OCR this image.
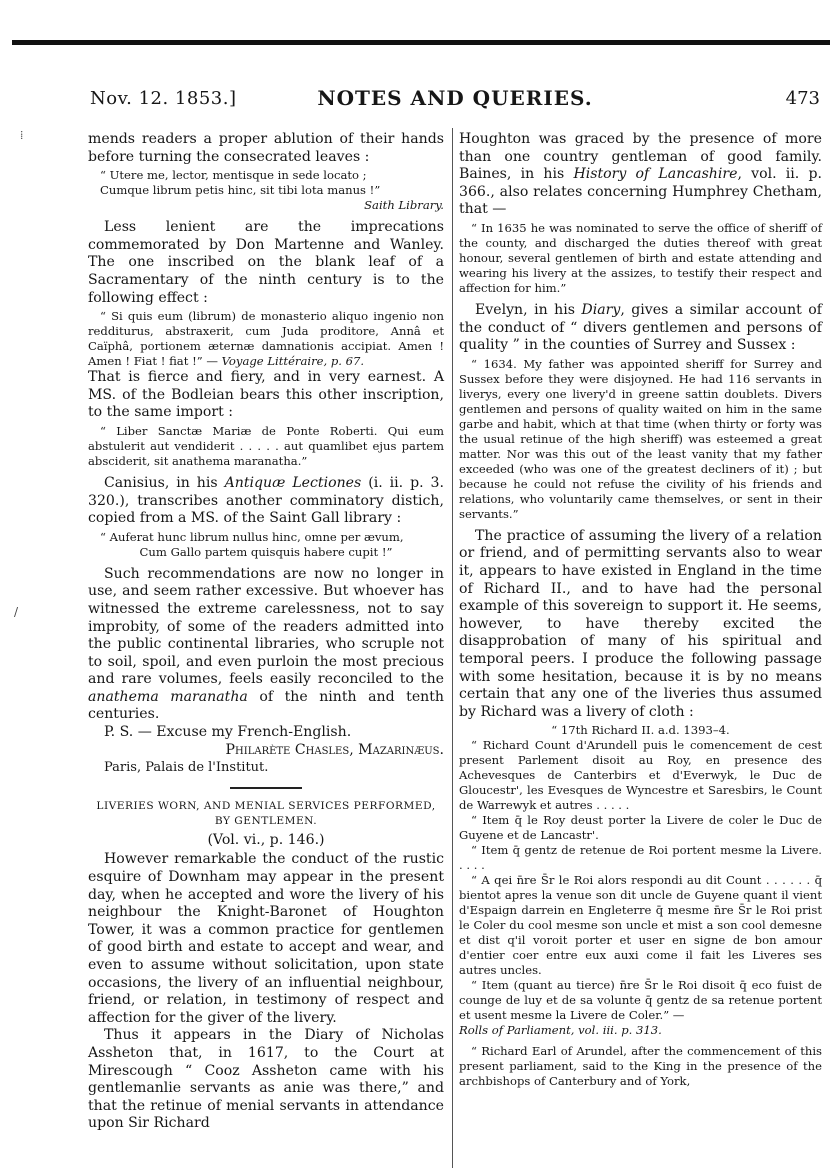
Nov. 12. 1853.]	NOTES AND QUERIES.	473
⁞
/

mends readers a proper ablution of their hands before turning the consecrated leaves :

“ Utere me, lector, mentisque in sede locato ;

Cumque librum petis hinc, sit tibi lota manus !”

Saith Library.

Less lenient are the imprecations commemorated by Don Martenne and Wanley. The one inscribed on the blank leaf of a Sacramentary of the ninth century is to the following effect :

“ Si quis eum (librum) de monasterio aliquo ingenio non redditurus, abstraxerit, cum Juda proditore, Annâ et Caïphâ, portionem æternæ damnationis accipiat. Amen ! Amen ! Fiat ! fiat !” — Voyage Littéraire, p. 67.

That is fierce and fiery, and in very earnest. A MS. of the Bodleian bears this other inscription, to the same import :

“ Liber Sanctæ Mariæ de Ponte Roberti. Qui eum abstulerit aut vendiderit . . . . . aut quamlibet ejus partem absciderit, sit anathema maranatha.”

Canisius, in his Antiquæ Lectiones (i. ii. p. 3. 320.), transcribes another comminatory distich, copied from a MS. of the Saint Gall library :

“ Auferat hunc librum nullus hinc, omne per ævum,

Cum Gallo partem quisquis habere cupit !”

Such recommendations are now no longer in use, and seem rather excessive. But whoever has witnessed the extreme carelessness, not to say improbity, of some of the readers admitted into the public continental libraries, who scruple not to soil, spoil, and even purloin the most precious and rare volumes, feels easily reconciled to the anathema maranatha of the ninth and tenth centuries.

P. S. — Excuse my French-English.

Philarète Chasles, Mazarinæus.

Paris, Palais de l'Institut.

LIVERIES WORN, AND MENIAL SERVICES PERFORMED, BY GENTLEMEN.

(Vol. vi., p. 146.)

However remarkable the conduct of the rustic esquire of Downham may appear in the present day, when he accepted and wore the livery of his neighbour the Knight-Baronet of Houghton Tower, it was a common practice for gentlemen of good birth and estate to accept and wear, and even to assume without solicitation, upon state occasions, the livery of an influential neighbour, friend, or relation, in testimony of respect and affection for the giver of the livery.

Thus it appears in the Diary of Nicholas Assheton that, in 1617, to the Court at Mirescough “ Cooz Assheton came with his gentlemanlie servants as anie was there,” and that the retinue of menial servants in attendance upon Sir Richard

Houghton was graced by the presence of more than one country gentleman of good family. Baines, in his History of Lancashire, vol. ii. p. 366., also relates concerning Humphrey Chetham, that —

“ In 1635 he was nominated to serve the office of sheriff of the county, and discharged the duties thereof with great honour, several gentlemen of birth and estate attending and wearing his livery at the assizes, to testify their respect and affection for him.”

Evelyn, in his Diary, gives a similar account of the conduct of “ divers gentlemen and persons of quality ” in the counties of Surrey and Sussex :

“ 1634. My father was appointed sheriff for Surrey and Sussex before they were disjoyned. He had 116 servants in liverys, every one livery'd in greene sattin doublets. Divers gentlemen and persons of quality waited on him in the same garbe and habit, which at that time (when thirty or forty was the usual retinue of the high sheriff) was esteemed a great matter. Nor was this out of the least vanity that my father exceeded (who was one of the greatest decliners of it) ; but because he could not refuse the civility of his friends and relations, who voluntarily came themselves, or sent in their servants.”

The practice of assuming the livery of a relation or friend, and of permitting servants also to wear it, appears to have existed in England in the time of Richard II., and to have had the personal example of this sovereign to support it. He seems, however, to have thereby excited the disapprobation of many of his spiritual and temporal peers. I produce the following passage with some hesitation, because it is by no means certain that any one of the liveries thus assumed by Richard was a livery of cloth :

“ 17th Richard II. a.d. 1393–4.

“ Richard Count d'Arundell puis le comencement de cest present Parlement disoit au Roy, en presence des Achevesques de Canterbirs et d'Everwyk, le Duc de Gloucestr', les Evesques de Wyncestre et Saresbirs, le Count de Warrewyk et autres . . . . .

“ Item q̄ le Roy deust porter la Livere de coler le Duc de Guyene et de Lancastr'.

“ Item q̄ gentz de retenue de Roi portent mesme la Livere. . . . .

“ A qei n̄re S̄r le Roi alors respondi au dit Count . . . . . . q̄ bientot apres la venue son dit uncle de Guyene quant il vient d'Espaign darrein en Engleterre q̄ mesme n̄re S̄r le Roi prist le Coler du cool mesme son uncle et mist a son cool demesne et dist q'il voroit porter et user en signe de bon amour d'entier coer entre eux auxi come il fait les Liveres ses autres uncles.

“ Item (quant au tierce) n̄re S̄r le Roi disoit q̄ eco fuist de counge de luy et de sa volunte q̄ gentz de sa retenue portent et usent mesme la Livere de Coler.” —

Rolls of Parliament, vol. iii. p. 313.

“ Richard Earl of Arundel, after the commencement of this present parliament, said to the King in the presence of the archbishops of Canterbury and of York,
